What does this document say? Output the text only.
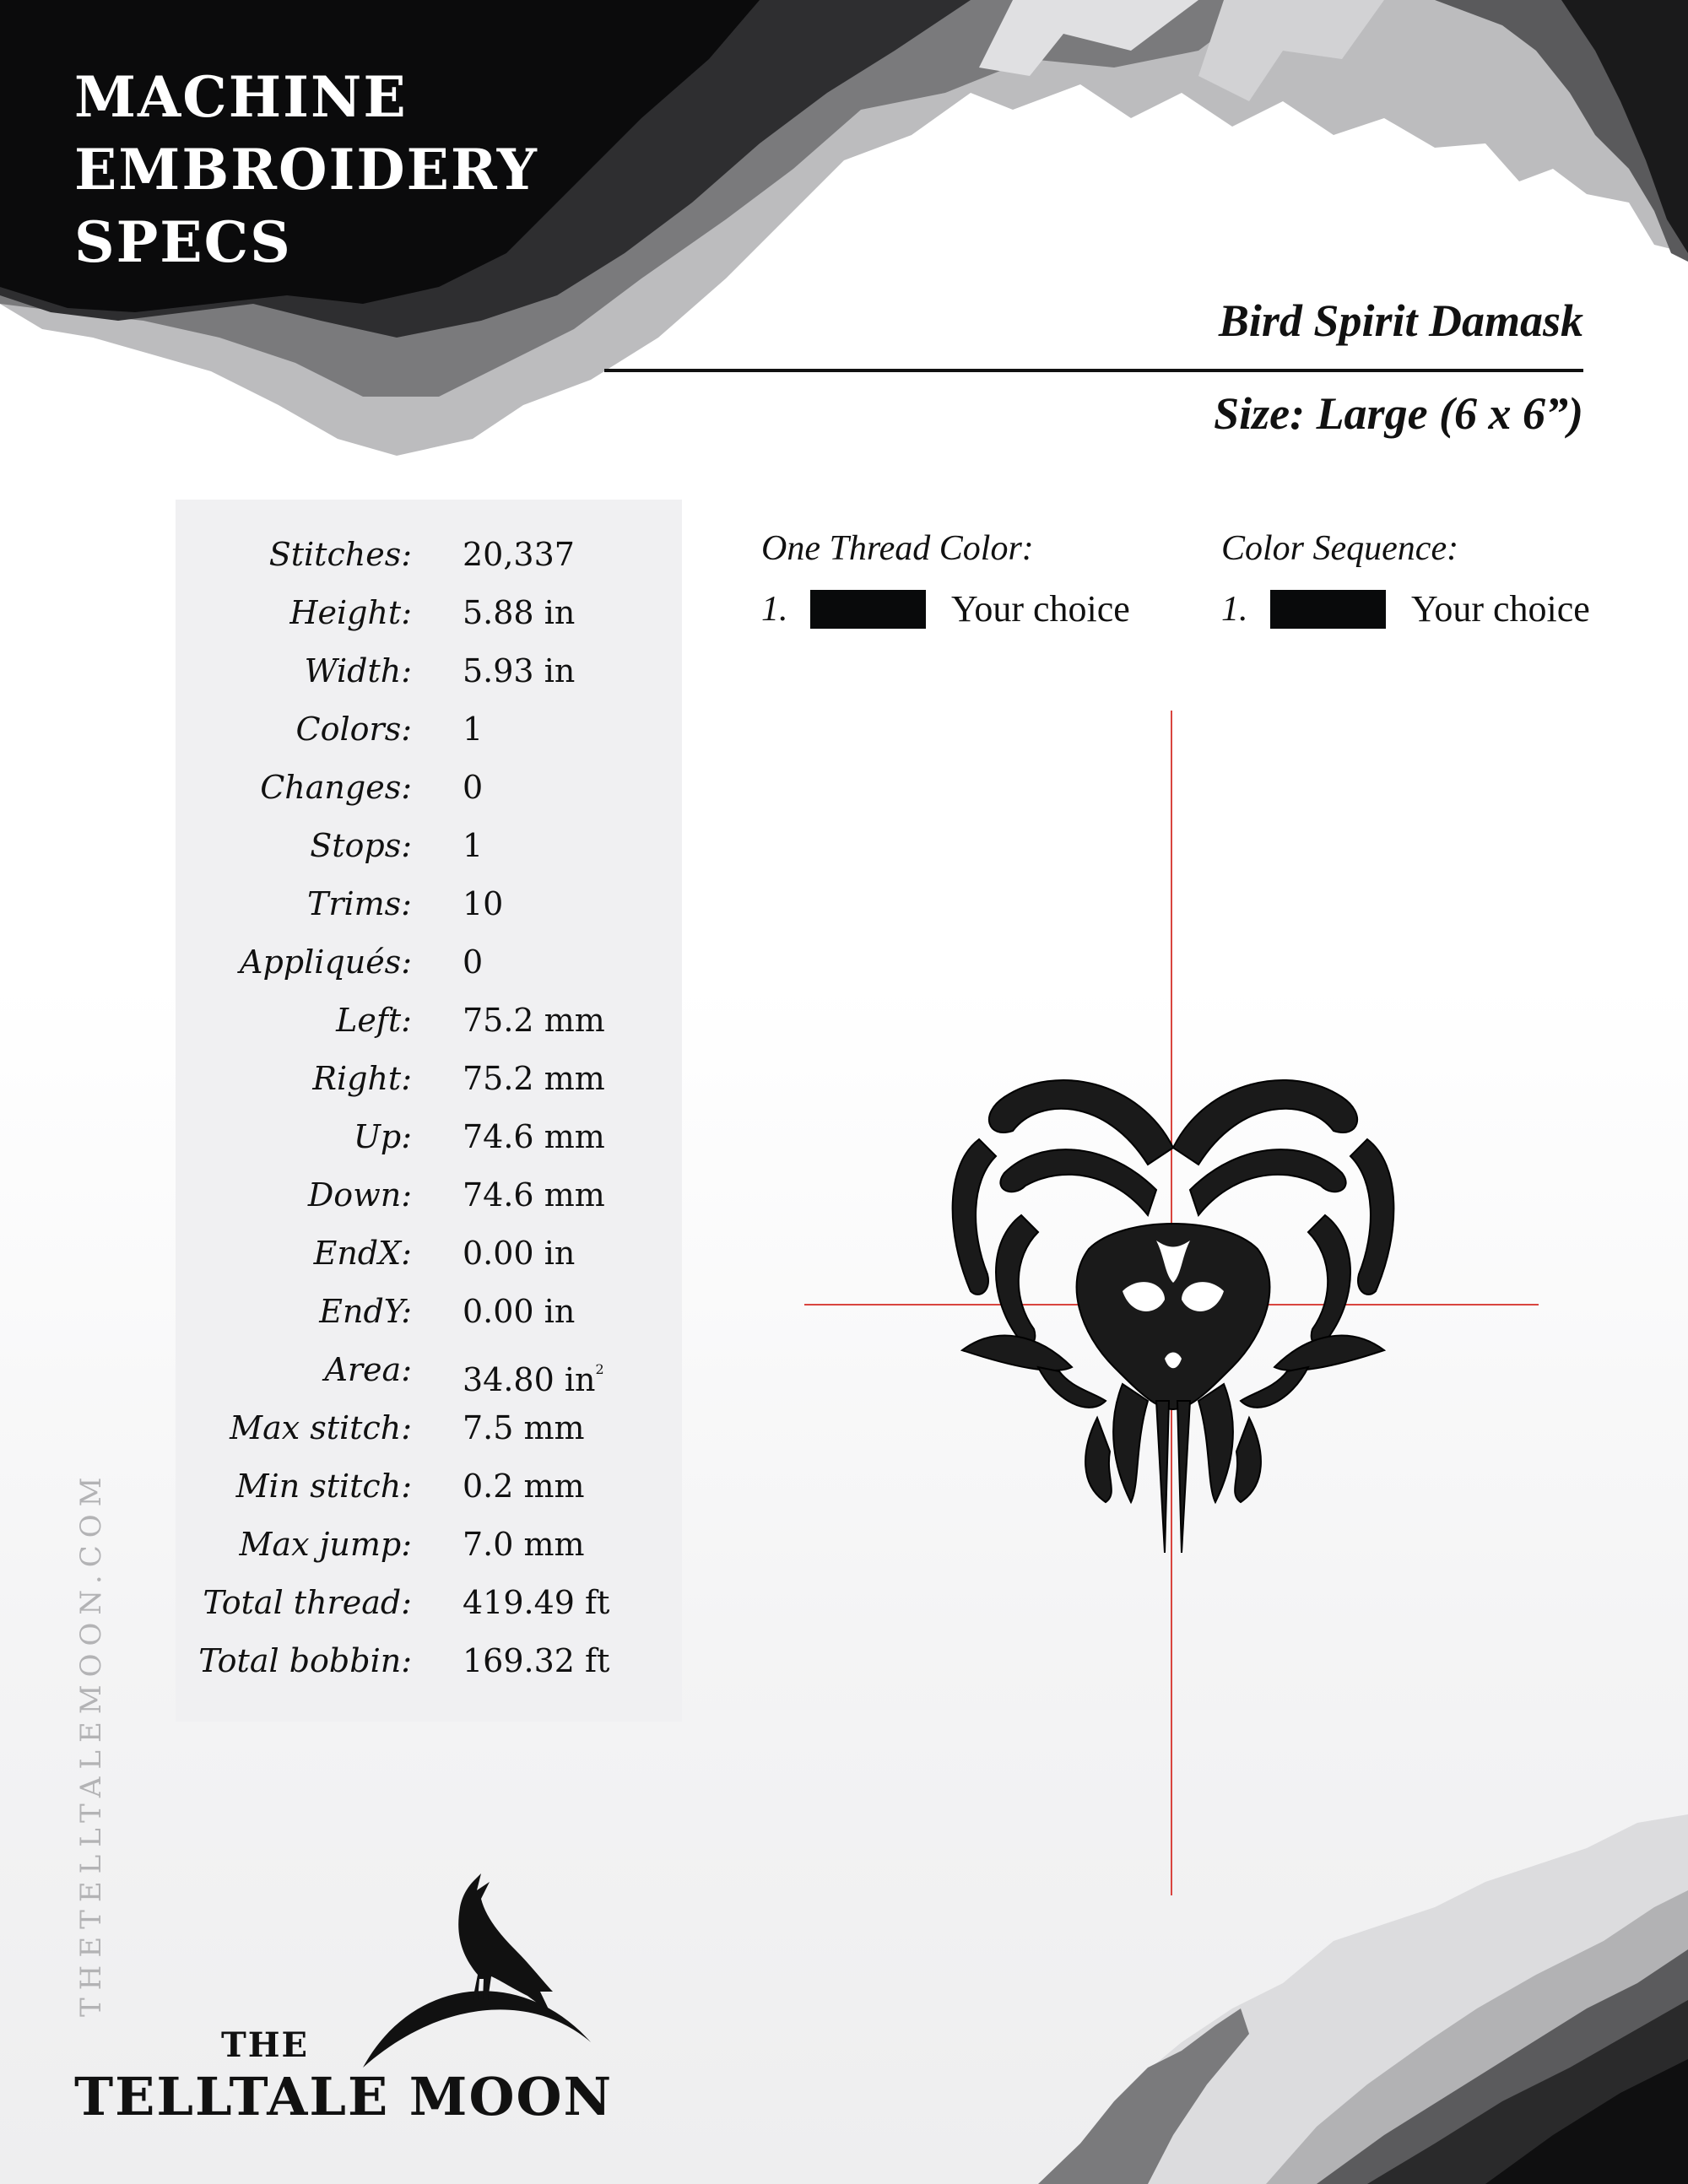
MACHINE
EMBROIDERY
SPECS
Bird Spirit Damask
Size: Large (6 x 6”)
Stitches: 20,337
Height: 5.88 in
Width: 5.93 in
Colors: 1
Changes: 0
Stops: 1
Trims: 10
Appliqués: 0
Left: 75.2 mm
Right: 75.2 mm
Up: 74.6 mm
Down: 74.6 mm
EndX: 0.00 in
EndY: 0.00 in
Area: 34.80 $in^2$
Max stitch: 7.5 mm
Min stitch: 0.2 mm
Max jump: 7.0 mm
Total thread: 419.49 ft
Total bobbin: 169.32 ft
One Thread Color:
1.	Your choice
Color Sequence:
1.	Your choice
THETELLTALEMOON.COM
THE
TELLTALE MOON
